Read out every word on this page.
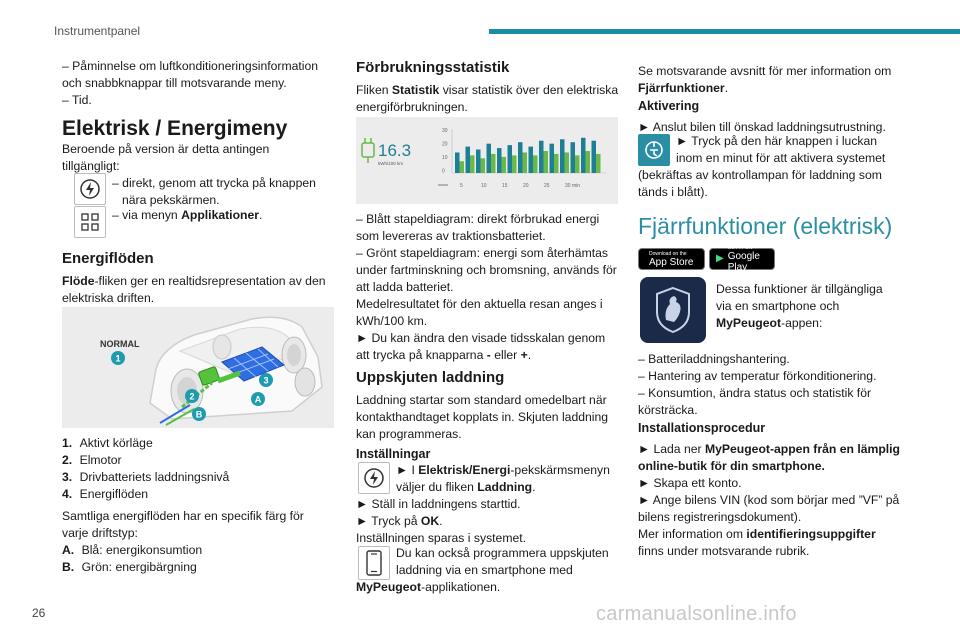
Instrumentpanel

– Påminnelse om luftkonditioneringsinformation

och snabbknappar till motsvarande meny.

– Tid.

Elektrisk / Energimeny

Beroende på version är detta antingen

tillgängligt:

– direkt, genom att trycka på knappen

nära pekskärmen.

– via menyn Applikationer.

Energiflöden

Flöde-fliken ger en realtidsrepresentation av den

elektriska driften.

NORMAL
1
2
3
A
B

1. Aktivt körläge

2. Elmotor

3. Drivbatteriets laddningsnivå

4. Energiflöden

Samtliga energiflöden har en specifik färg för

varje driftstyp:

A. Blå: energikonsumtion

B. Grön: energibärgning

Förbrukningsstatistik

Fliken Statistik visar statistik över den elektriska

energiförbrukningen.

16.3
kWh/100 km
30
20
10
0
5	10	15	20	25	30 min

– Blått stapeldiagram: direkt förbrukad energi

som levereras av traktionsbatteriet.

– Grönt stapeldiagram: energi som återhämtas

under fartminskning och bromsning, används för

att ladda batteriet.

Medelresultatet för den aktuella resan anges i

kWh/100 km.

► Du kan ändra den visade tidsskalan genom

att trycka på knapparna - eller +.

Uppskjuten laddning

Laddning startar som standard omedelbart när

kontakthandtaget kopplats in. Skjuten laddning

kan programmeras.

Inställningar

► I Elektrisk/Energi-pekskärmsmenyn

väljer du fliken Laddning.

► Ställ in laddningens starttid.

► Tryck på OK.

Inställningen sparas i systemet.

Du kan också programmera uppskjuten

laddning via en smartphone med

MyPeugeot-applikationen.

Se motsvarande avsnitt för mer information om

Fjärrfunktioner.

Aktivering

► Anslut bilen till önskad laddningsutrustning.

► Tryck på den här knappen i luckan

inom en minut för att aktivera systemet

(bekräftas av kontrollampan för laddning som

tänds i blått).

Fjärrfunktioner (elektrisk)
Download on the
App Store ▶
GET IT ON
Google Play

Dessa funktioner är tillgängliga

via en smartphone och

MyPeugeot-appen:

– Batteriladdningshantering.

– Hantering av temperatur förkonditionering.

– Konsumtion, ändra status och statistik för

körsträcka.

Installationsprocedur

► Lada ner MyPeugeot-appen från en lämplig

online-butik för din smartphone.

► Skapa ett konto.

► Ange bilens VIN (kod som börjar med ”VF” på

bilens registreringsdokument).

Mer information om identifieringsuppgifter

finns under motsvarande rubrik.

26	carmanualsonline.info
